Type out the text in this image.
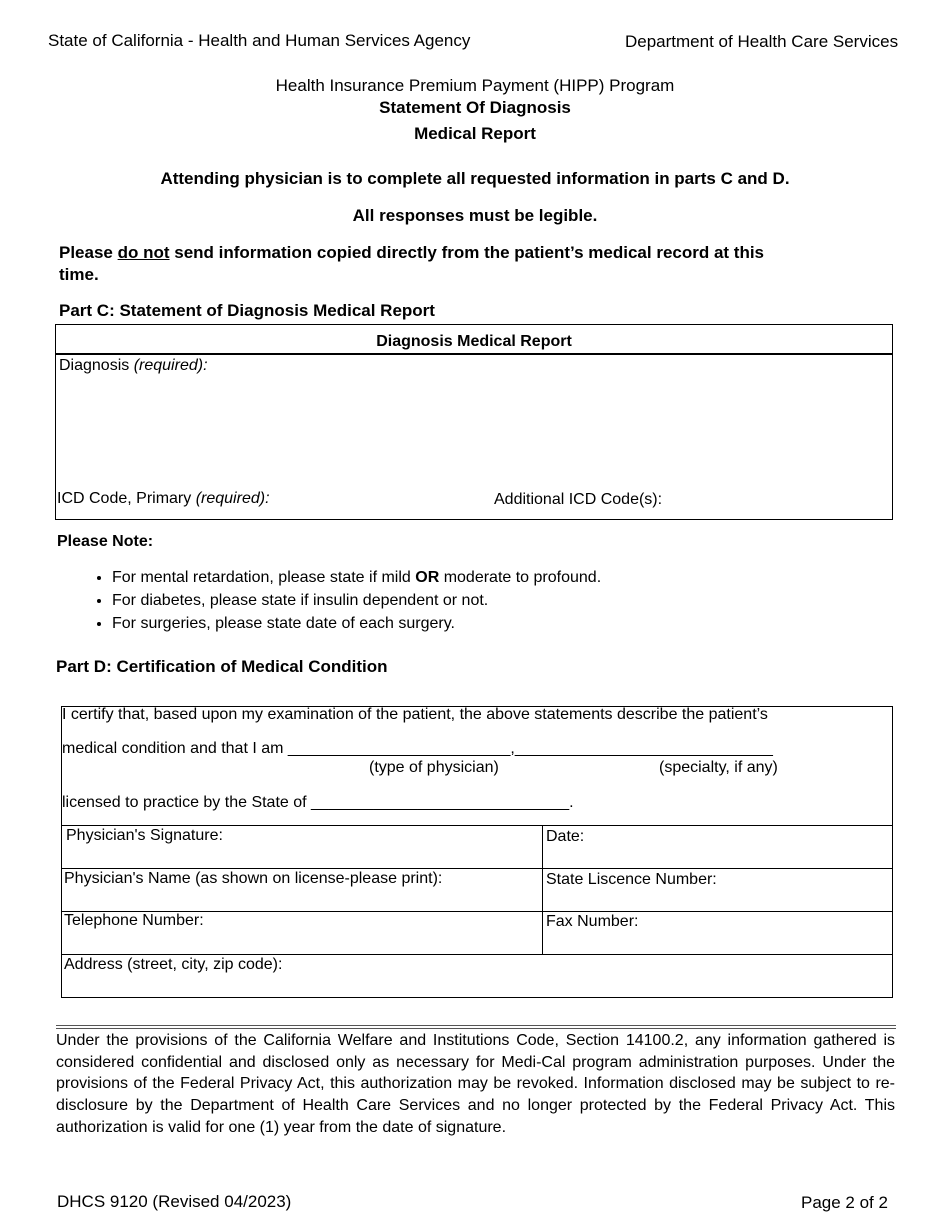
State of California - Health and Human Services Agency	Department of Health Care Services
Health Insurance Premium Payment (HIPP) Program
Statement Of Diagnosis
Medical Report
Attending physician is to complete all requested information in parts C and D.
All responses must be legible.
Please do not send information copied directly from the patient’s medical record at this
time.
Part C: Statement of Diagnosis Medical Report
Diagnosis Medical Report
Diagnosis (required):
ICD Code, Primary (required):	Additional ICD Code(s):
Please Note:
• For mental retardation, please state if mild OR moderate to profound.
• For diabetes, please state if insulin dependent or not.
• For surgeries, please state date of each surgery.
Part D: Certification of Medical Condition
I certify that, based upon my examination of the patient, the above statements describe the patient’s
medical condition and that I am _________________________,_____________________________
(type of physician)	(specialty, if any)
licensed to practice by the State of _____________________________.
Physician's Signature:	Date:
Physician's Name (as shown on license-please print):	State Liscence Number:
Telephone Number:	Fax Number:
Address (street, city, zip code):
Under the provisions of the California Welfare and Institutions Code, Section 14100.2, any information gathered is considered confidential and disclosed only as necessary for Medi-Cal program administration purposes. Under the provisions of the Federal Privacy Act, this authorization may be revoked. Information disclosed may be subject to re-disclosure by the Department of Health Care Services and no longer protected by the Federal Privacy Act. This authorization is valid for one (1) year from the date of signature.
DHCS 9120 (Revised 04/2023)	Page 2 of 2
